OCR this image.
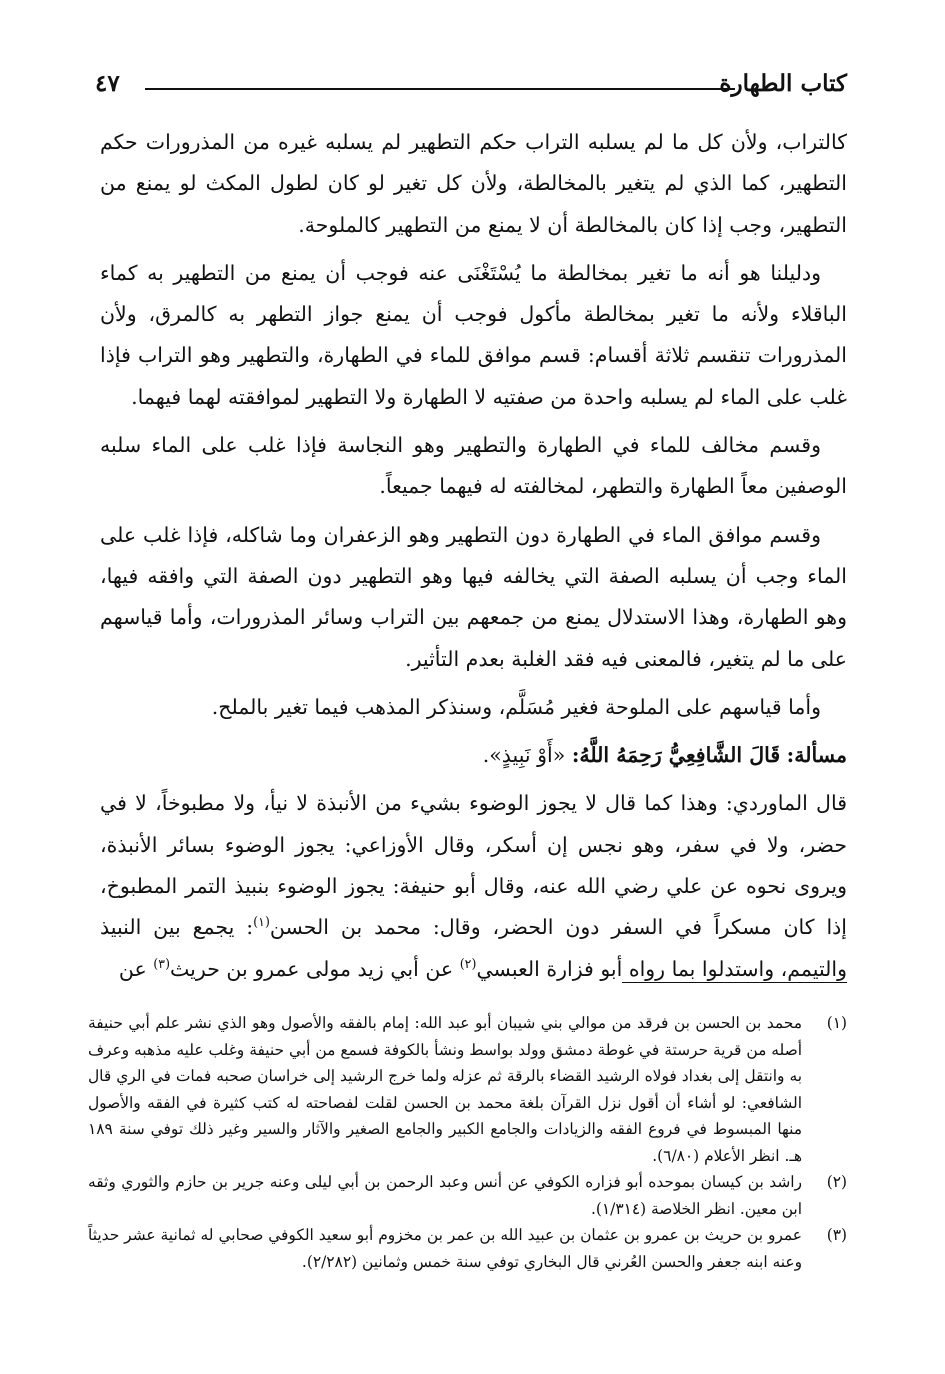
كتاب الطهارة
٤٧

كالتراب، ولأن كل ما لم يسلبه التراب حكم التطهير لم يسلبه غيره من المذرورات حكم التطهير، كما الذي لم يتغير بالمخالطة، ولأن كل تغير لو كان لطول المكث لو يمنع من التطهير، وجب إذا كان بالمخالطة أن لا يمنع من التطهير كالملوحة.

ودليلنا هو أنه ما تغير بمخالطة ما يُسْتَغْنَى عنه فوجب أن يمنع من التطهير به كماء الباقلاء ولأنه ما تغير بمخالطة مأكول فوجب أن يمنع جواز التطهر به كالمرق، ولأن المذرورات تنقسم ثلاثة أقسام: قسم موافق للماء في الطهارة، والتطهير وهو التراب فإذا غلب على الماء لم يسلبه واحدة من صفتيه لا الطهارة ولا التطهير لموافقته لهما فيهما.

وقسم مخالف للماء في الطهارة والتطهير وهو النجاسة فإذا غلب على الماء سلبه الوصفين معاً الطهارة والتطهر، لمخالفته له فيهما جميعاً.

وقسم موافق الماء في الطهارة دون التطهير وهو الزعفران وما شاكله، فإذا غلب على الماء وجب أن يسلبه الصفة التي يخالفه فيها وهو التطهير دون الصفة التي وافقه فيها، وهو الطهارة، وهذا الاستدلال يمنع من جمعهم بين التراب وسائر المذرورات، وأما قياسهم على ما لم يتغير، فالمعنى فيه فقد الغلبة بعدم التأثير.

وأما قياسهم على الملوحة فغير مُسَلَّم، وسنذكر المذهب فيما تغير بالملح.

مسألة: قَالَ الشَّافِعِيُّ رَحِمَهُ اللَّهُ: «أَوْ نَبِيذٍ».

قال الماوردي: وهذا كما قال لا يجوز الوضوء بشيء من الأنبذة لا نيأ، ولا مطبوخاً، لا في حضر، ولا في سفر، وهو نجس إن أسكر، وقال الأوزاعي: يجوز الوضوء بسائر الأنبذة، ويروى نحوه عن علي رضي الله عنه، وقال أبو حنيفة: يجوز الوضوء بنبيذ التمر المطبوخ، إذا كان مسكراً في السفر دون الحضر، وقال: محمد بن الحسن$^{(١)}$: يجمع بين النبيذ والتيمم، واستدلوا بما رواه أبو فزارة العبسي$^{(٢)}$ عن أبي زيد مولى عمرو بن حريث$^{(٣)}$ عن

(١)
محمد بن الحسن بن فرقد من موالي بني شيبان أبو عبد الله: إمام بالفقه والأصول وهو الذي نشر علم أبي حنيفة أصله من قرية حرستة في غوطة دمشق وولد بواسط ونشأ بالكوفة فسمع من أبي حنيفة وغلب عليه مذهبه وعرف به وانتقل إلى بغداد فولاه الرشيد القضاء بالرقة ثم عزله ولما خرج الرشيد إلى خراسان صحبه فمات في الري قال الشافعي: لو أشاء أن أقول نزل القرآن بلغة محمد بن الحسن لقلت لفصاحته له كتب كثيرة في الفقه والأصول منها المبسوط في فروع الفقه والزيادات والجامع الكبير والجامع الصغير والآثار والسير وغير ذلك توفي سنة ١٨٩ هـ. انظر الأعلام (٦/٨٠).
(٢)
راشد بن كيسان بموحده أبو فزاره الكوفي عن أنس وعبد الرحمن بن أبي ليلى وعنه جرير بن حازم والثوري وثقه ابن معين. انظر الخلاصة (١/٣١٤).
(٣)
عمرو بن حريث بن عمرو بن عثمان بن عبيد الله بن عمر بن مخزوم أبو سعيد الكوفي صحابي له ثمانية عشر حديثاً وعنه ابنه جعفر والحسن العُرني قال البخاري توفي سنة خمس وثمانين (٢/٢٨٢).
